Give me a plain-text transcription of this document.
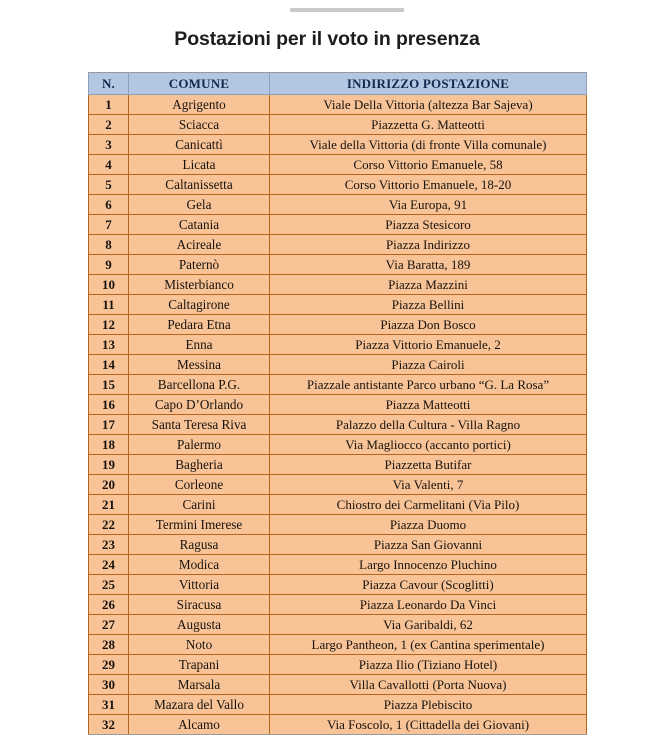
Postazioni per il voto in presenza
N.	COMUNE	INDIRIZZO POSTAZIONE
1	Agrigento	Viale Della Vittoria (altezza Bar Sajeva)
2	Sciacca	Piazzetta G. Matteotti
3	Canicattì	Viale della Vittoria (di fronte Villa comunale)
4	Licata	Corso Vittorio Emanuele, 58
5	Caltanissetta	Corso Vittorio Emanuele, 18-20
6	Gela	Via Europa, 91
7	Catania	Piazza Stesicoro
8	Acireale	Piazza Indirizzo
9	Paternò	Via Baratta, 189
10	Misterbianco	Piazza Mazzini
11	Caltagirone	Piazza Bellini
12	Pedara Etna	Piazza Don Bosco
13	Enna	Piazza Vittorio Emanuele, 2
14	Messina	Piazza Cairoli
15	Barcellona P.G.	Piazzale antistante Parco urbano “G. La Rosa”
16	Capo D’Orlando	Piazza Matteotti
17	Santa Teresa Riva	Palazzo della Cultura - Villa Ragno
18	Palermo	Via Magliocco (accanto portici)
19	Bagheria	Piazzetta Butifar
20	Corleone	Via Valenti, 7
21	Carini	Chiostro dei Carmelitani (Via Pilo)
22	Termini Imerese	Piazza Duomo
23	Ragusa	Piazza San Giovanni
24	Modica	Largo Innocenzo Pluchino
25	Vittoria	Piazza Cavour (Scoglitti)
26	Siracusa	Piazza Leonardo Da Vinci
27	Augusta	Via Garibaldi, 62
28	Noto	Largo Pantheon, 1 (ex Cantina sperimentale)
29	Trapani	Piazza Ilio (Tiziano Hotel)
30	Marsala	Villa Cavallotti (Porta Nuova)
31	Mazara del Vallo	Piazza Plebiscito
32	Alcamo	Via Foscolo, 1 (Cittadella dei Giovani)
